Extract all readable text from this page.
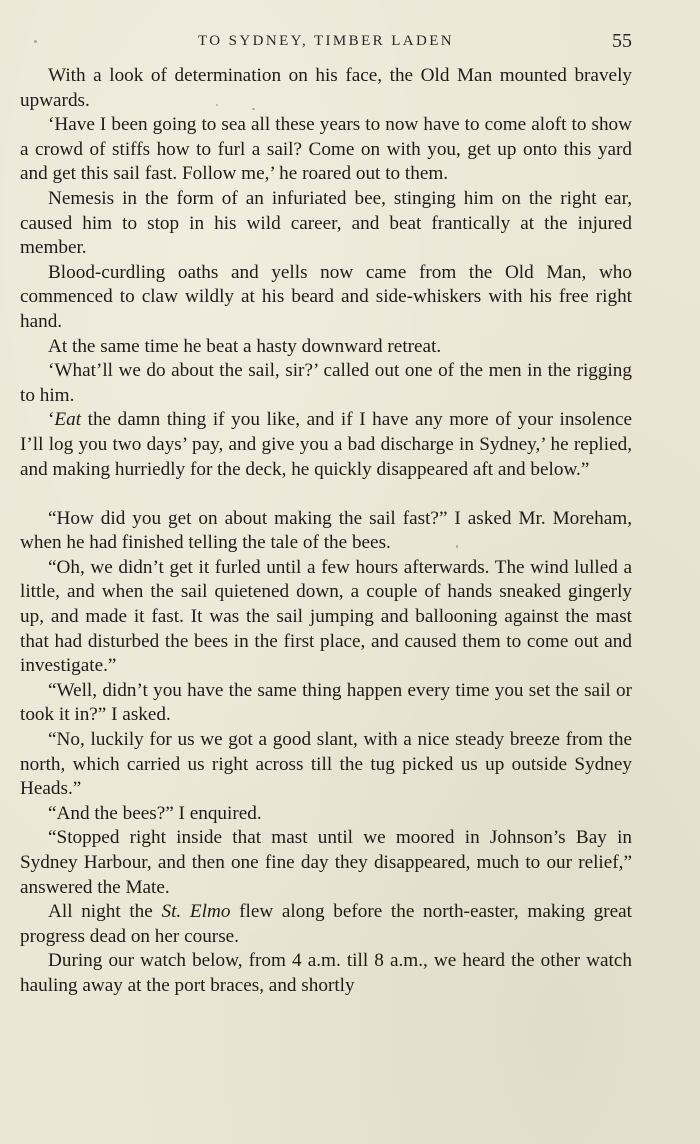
TO SYDNEY, TIMBER LADEN	55

With a look of determination on his face, the Old Man mounted bravely upwards.

‘Have I been going to sea all these years to now have to come aloft to show a crowd of stiffs how to furl a sail? Come on with you, get up onto this yard and get this sail fast. Follow me,’ he roared out to them.

Nemesis in the form of an infuriated bee, stinging him on the right ear, caused him to stop in his wild career, and beat frantically at the injured member.

Blood-curdling oaths and yells now came from the Old Man, who commenced to claw wildly at his beard and side-whiskers with his free right hand.

At the same time he beat a hasty downward retreat.

‘What’ll we do about the sail, sir?’ called out one of the men in the rigging to him.

‘Eat the damn thing if you like, and if I have any more of your insolence I’ll log you two days’ pay, and give you a bad discharge in Sydney,’ he replied, and making hurriedly for the deck, he quickly disappeared aft and below.”

“How did you get on about making the sail fast?” I asked Mr. Moreham, when he had finished telling the tale of the bees.

“Oh, we didn’t get it furled until a few hours afterwards. The wind lulled a little, and when the sail quietened down, a couple of hands sneaked gingerly up, and made it fast. It was the sail jumping and ballooning against the mast that had disturbed the bees in the first place, and caused them to come out and investigate.”

“Well, didn’t you have the same thing happen every time you set the sail or took it in?” I asked.

“No, luckily for us we got a good slant, with a nice steady breeze from the north, which carried us right across till the tug picked us up outside Sydney Heads.”

“And the bees?” I enquired.

“Stopped right inside that mast until we moored in Johnson’s Bay in Sydney Harbour, and then one fine day they disappeared, much to our relief,” answered the Mate.

All night the St. Elmo flew along before the north-easter, making great progress dead on her course.

During our watch below, from 4 a.m. till 8 a.m., we heard the other watch hauling away at the port braces, and shortly
